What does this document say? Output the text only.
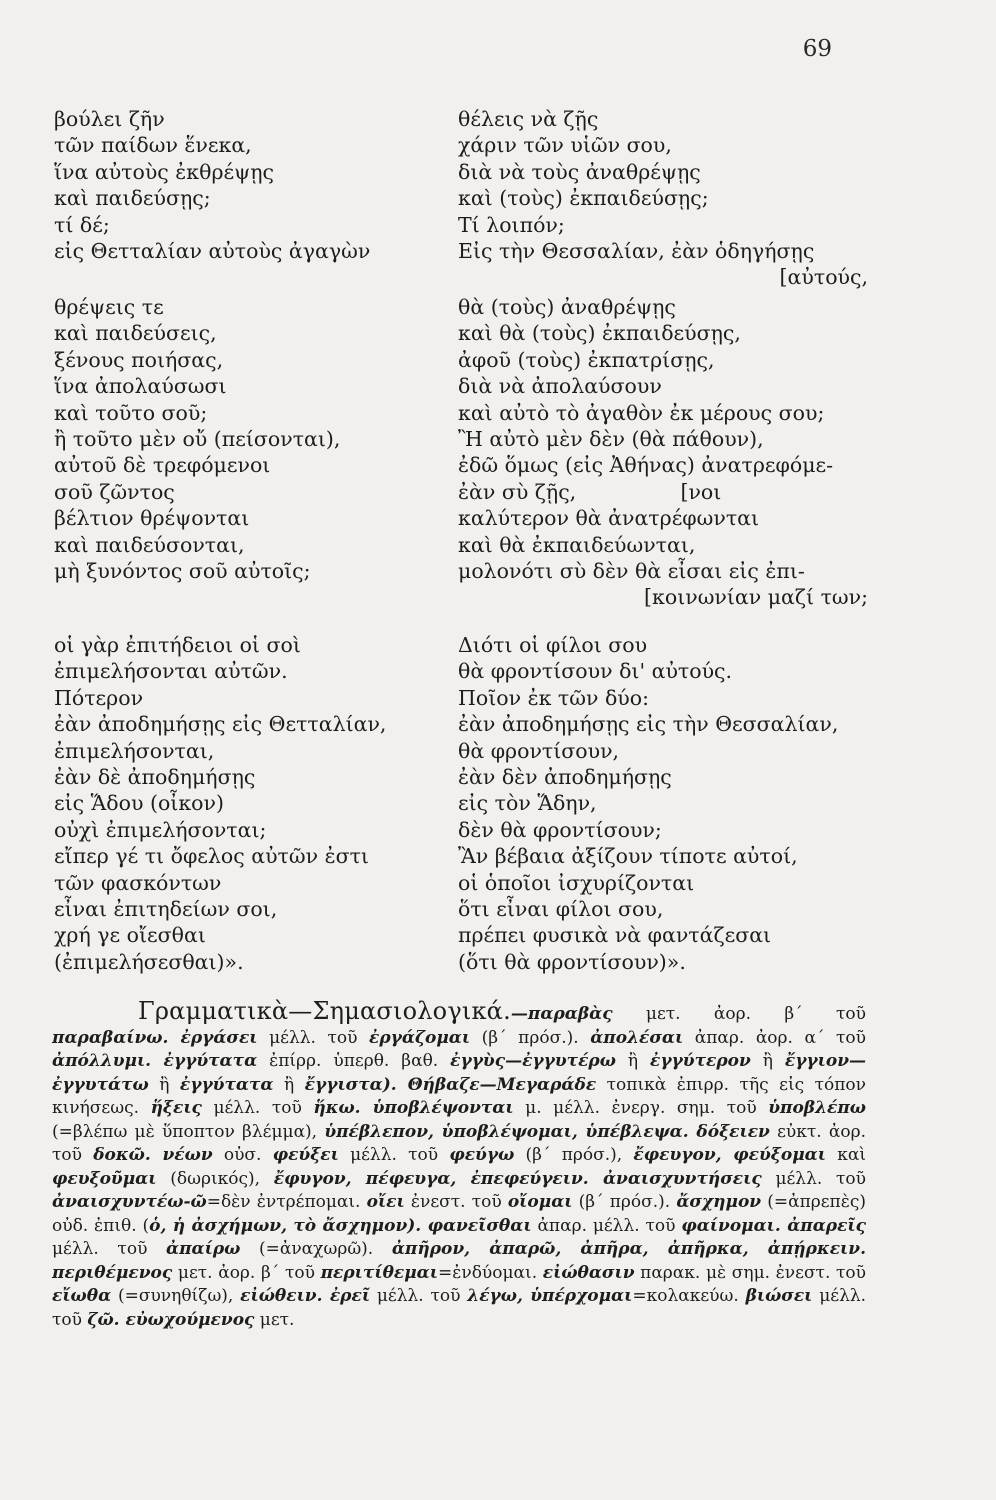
69
βούλει ζῆν
τῶν παίδων ἕνεκα,
ἵνα αὐτοὺς ἐκθρέψῃς
καὶ παιδεύσῃς;
τί δέ;
εἰς Θετταλίαν αὐτοὺς ἀγαγὼν
θρέψεις τε
καὶ παιδεύσεις,
ξένους ποιήσας,
ἵνα ἀπολαύσωσι
καὶ τοῦτο σοῦ;
ἢ τοῦτο μὲν οὔ (πείσονται),
αὐτοῦ δὲ τρεφόμενοι
σοῦ ζῶντος
βέλτιον θρέψονται
καὶ παιδεύσονται,
μὴ ξυνόντος σοῦ αὐτοῖς;
οἱ γὰρ ἐπιτήδειοι οἱ σοὶ
ἐπιμελήσονται αὐτῶν.
Πότερον
ἐὰν ἀποδημήσῃς εἰς Θετταλίαν,
ἐπιμελήσονται,
ἐὰν δὲ ἀποδημήσῃς
εἰς Ἅδου (οἶκον)
οὐχὶ ἐπιμελήσονται;
εἴπερ γέ τι ὄφελος αὐτῶν ἐστι
τῶν φασκόντων
εἶναι ἐπιτηδείων σοι,
χρή γε οἴεσθαι
(ἐπιμελήσεσθαι)».
θέλεις νὰ ζῇς
χάριν τῶν υἱῶν σου,
διὰ νὰ τοὺς ἀναθρέψῃς
καὶ (τοὺς) ἐκπαιδεύσῃς;
Τί λοιπόν;
Εἰς τὴν Θεσσαλίαν, ἐὰν ὁδηγήσῃς
[αὐτούς,
θὰ (τοὺς) ἀναθρέψῃς
καὶ θὰ (τοὺς) ἐκπαιδεύσῃς,
ἀφοῦ (τοὺς) ἐκπατρίσῃς,
διὰ νὰ ἀπολαύσουν
καὶ αὐτὸ τὸ ἀγαθὸν ἐκ μέρους σου;
Ἢ αὐτὸ μὲν δὲν (θὰ πάθουν),
ἐδῶ ὅμως (εἰς Ἀθήνας) ἀνατρεφόμε-
ἐὰν σὺ ζῇς,                [νοι
καλύτερον θὰ ἀνατρέφωνται
καὶ θὰ ἐκπαιδεύωνται,
μολονότι σὺ δὲν θὰ εἶσαι εἰς ἐπι-
[κοινωνίαν μαζί των;
Διότι οἱ φίλοι σου
θὰ φροντίσουν δι' αὐτούς.
Ποῖον ἐκ τῶν δύο:
ἐὰν ἀποδημήσῃς εἰς τὴν Θεσσαλίαν,
θὰ φροντίσουν,
ἐὰν δὲν ἀποδημήσῃς
εἰς τὸν Ἅδην,
δὲν θὰ φροντίσουν;
Ἂν βέβαια ἀξίζουν τίποτε αὐτοί,
οἱ ὁποῖοι ἰσχυρίζονται
ὅτι εἶναι φίλοι σου,
πρέπει φυσικὰ νὰ φαντάζεσαι
(ὅτι θὰ φροντίσουν)».

Γραμματικὰ—Σημασιολογικά.—παραβὰς μετ. ἀορ. β΄ τοῦ παραβαίνω. ἐργάσει μέλλ. τοῦ ἐργάζομαι (β΄ πρόσ.). ἀπολέσαι ἀπαρ. ἀορ. α΄ τοῦ ἀπόλλυμι. ἐγγύτατα ἐπίρρ. ὑπερθ. βαθ. ἐγγὺς—ἐγγυτέρω ἢ ἐγγύτερον ἢ ἔγγιον—ἐγγυτάτω ἢ ἐγγύτατα ἢ ἔγγιστα). Θήβαζε—Μεγαράδε τοπικὰ ἐπιρρ. τῆς εἰς τόπον κινήσεως. ἥξεις μέλλ. τοῦ ἥκω. ὑποβλέψονται μ. μέλλ. ἐνεργ. σημ. τοῦ ὑποβλέπω (=βλέπω μὲ ὕποπτον βλέμμα), ὑπέβλεπον, ὑποβλέψομαι, ὑπέβλεψα. δόξειεν εὐκτ. ἀορ. τοῦ δοκῶ. νέων οὐσ. φεύξει μέλλ. τοῦ φεύγω (β΄ πρόσ.), ἔφευγον, φεύξομαι καὶ φευξοῦμαι (δωρικός), ἔφυγον, πέφευγα, ἐπεφεύγειν. ἀναισχυντήσεις μέλλ. τοῦ ἀναισχυντέω-ῶ=δὲν ἐντρέπομαι. οἴει ἐνεστ. τοῦ οἴομαι (β΄ πρόσ.). ἄσχημον (=ἀπρεπὲς) οὐδ. ἐπιθ. (ὁ, ἡ ἀσχήμων, τὸ ἄσχημον). φανεῖσθαι ἀπαρ. μέλλ. τοῦ φαίνομαι. ἀπαρεῖς μέλλ. τοῦ ἀπαίρω (=ἀναχωρῶ). ἀπῆρον, ἀπαρῶ, ἀπῆρα, ἀπῆρκα, ἀπῄρκειν. περιθέμενος μετ. ἀορ. β΄ τοῦ περιτίθεμαι=ἐνδύομαι. εἰώθασιν παρακ. μὲ σημ. ἐνεστ. τοῦ εἴωθα (=συνηθίζω), εἰώθειν. ἐρεῖ μέλλ. τοῦ λέγω, ὑπέρχομαι=κολακεύω. βιώσει μέλλ. τοῦ ζῶ. εὐωχούμενος μετ.
